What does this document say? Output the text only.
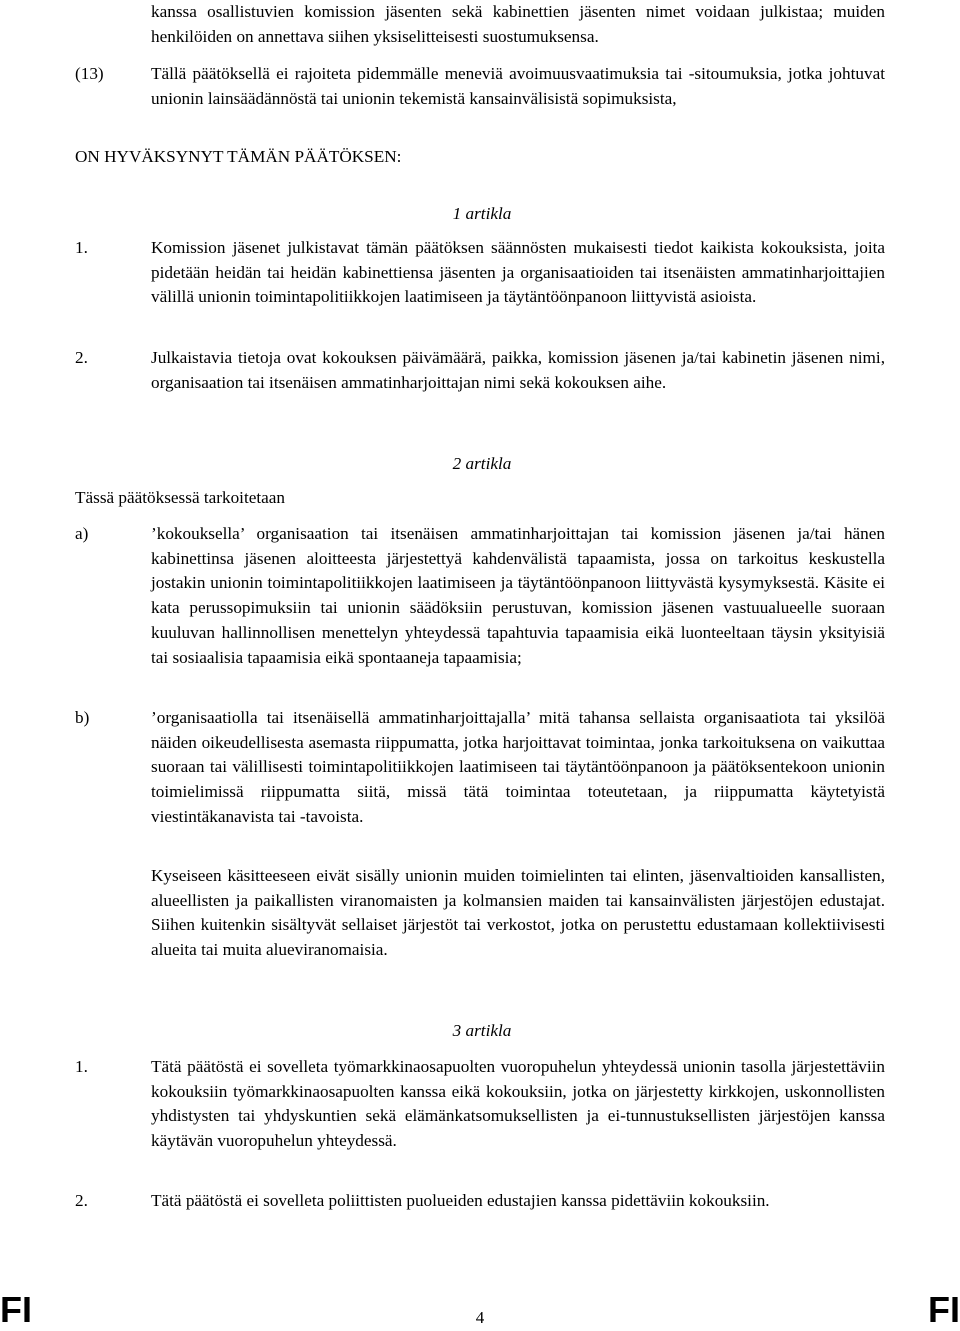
kanssa osallistuvien komission jäsenten sekä kabinettien jäsenten nimet voidaan julkistaa; muiden henkilöiden on annettava siihen yksiselitteisesti suostumuksensa.
(13)	Tällä päätöksellä ei rajoiteta pidemmälle meneviä avoimuusvaatimuksia tai -sitoumuksia, jotka johtuvat unionin lainsäädännöstä tai unionin tekemistä kansainvälisistä sopimuksista,
ON HYVÄKSYNYT TÄMÄN PÄÄTÖKSEN:
1 artikla
1.	Komission jäsenet julkistavat tämän päätöksen säännösten mukaisesti tiedot kaikista kokouksista, joita pidetään heidän tai heidän kabinettiensa jäsenten ja organisaatioiden tai itsenäisten ammatinharjoittajien välillä unionin toimintapolitiikkojen laatimiseen ja täytäntöönpanoon liittyvistä asioista.
2.	Julkaistavia tietoja ovat kokouksen päivämäärä, paikka, komission jäsenen ja/tai kabinetin jäsenen nimi, organisaation tai itsenäisen ammatinharjoittajan nimi sekä kokouksen aihe.
2 artikla
Tässä päätöksessä tarkoitetaan
a)	’kokouksella’ organisaation tai itsenäisen ammatinharjoittajan tai komission jäsenen ja/tai hänen kabinettinsa jäsenen aloitteesta järjestettyä kahdenvälistä tapaamista, jossa on tarkoitus keskustella jostakin unionin toimintapolitiikkojen laatimiseen ja täytäntöönpanoon liittyvästä kysymyksestä. Käsite ei kata perussopimuksiin tai unionin säädöksiin perustuvan, komission jäsenen vastuualueelle suoraan kuuluvan hallinnollisen menettelyn yhteydessä tapahtuvia tapaamisia eikä luonteeltaan täysin yksityisiä tai sosiaalisia tapaamisia eikä spontaaneja tapaamisia;
b)	’organisaatiolla tai itsenäisellä ammatinharjoittajalla’ mitä tahansa sellaista organisaatiota tai yksilöä näiden oikeudellisesta asemasta riippumatta, jotka harjoittavat toimintaa, jonka tarkoituksena on vaikuttaa suoraan tai välillisesti toimintapolitiikkojen laatimiseen tai täytäntöönpanoon ja päätöksentekoon unionin toimielimissä riippumatta siitä, missä tätä toimintaa toteutetaan, ja riippumatta käytetyistä viestintäkanavista tai -tavoista.
Kyseiseen käsitteeseen eivät sisälly unionin muiden toimielinten tai elinten, jäsenvaltioiden kansallisten, alueellisten ja paikallisten viranomaisten ja kolmansien maiden tai kansainvälisten järjestöjen edustajat. Siihen kuitenkin sisältyvät sellaiset järjestöt tai verkostot, jotka on perustettu edustamaan kollektiivisesti alueita tai muita alueviranomaisia.
3 artikla
1.	Tätä päätöstä ei sovelleta työmarkkinaosapuolten vuoropuhelun yhteydessä unionin tasolla järjestettäviin kokouksiin työmarkkinaosapuolten kanssa eikä kokouksiin, jotka on järjestetty kirkkojen, uskonnollisten yhdistysten tai yhdyskuntien sekä elämänkatsomuksellisten ja ei-tunnustuksellisten järjestöjen kanssa käytävän vuoropuhelun yhteydessä.
2.	Tätä päätöstä ei sovelleta poliittisten puolueiden edustajien kanssa pidettäviin kokouksiin.
FI	4	FI
